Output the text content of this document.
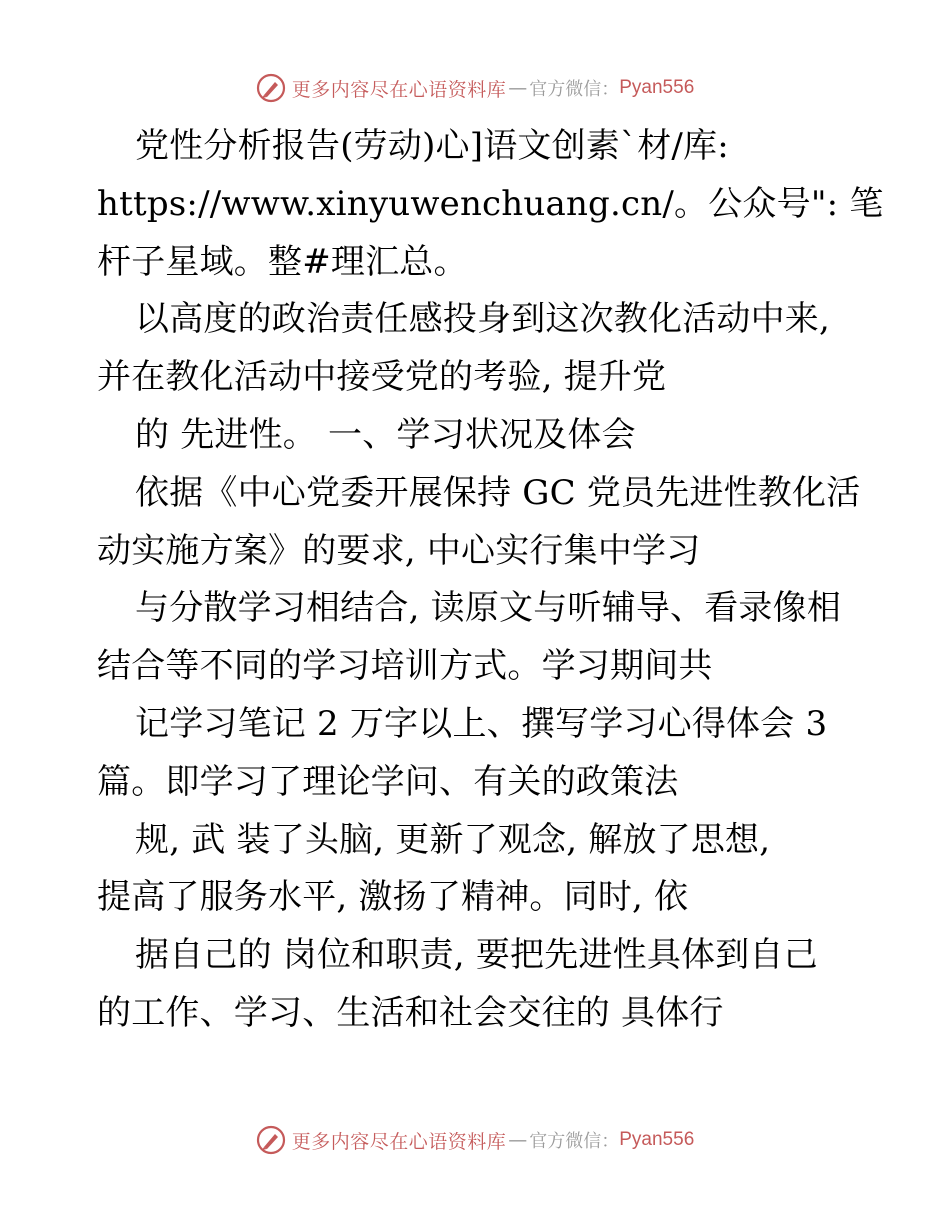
更多内容尽在心语资料库 — 官方微信： Pyan556
党性分析报告(劳动)心]语文创素`材/库:
https://www.xinyuwenchuang.cn/。公众号": 笔
杆子星域。整#理汇总。
以高度的政治责任感投身到这次教化活动中来,
并在教化活动中接受党的考验, 提升党
的 先进性。 一、学习状况及体会
依据《中心党委开展保持 GC 党员先进性教化活
动实施方案》的要求, 中心实行集中学习
与分散学习相结合, 读原文与听辅导、看录像相
结合等不同的学习培训方式。学习期间共
记学习笔记 2 万字以上、撰写学习心得体会 3
篇。即学习了理论学问、有关的政策法
规, 武 装了头脑, 更新了观念, 解放了思想,
提高了服务水平, 激扬了精神。同时, 依
据自己的 岗位和职责, 要把先进性具体到自己
的工作、学习、生活和社会交往的 具体行
更多内容尽在心语资料库 — 官方微信： Pyan556
